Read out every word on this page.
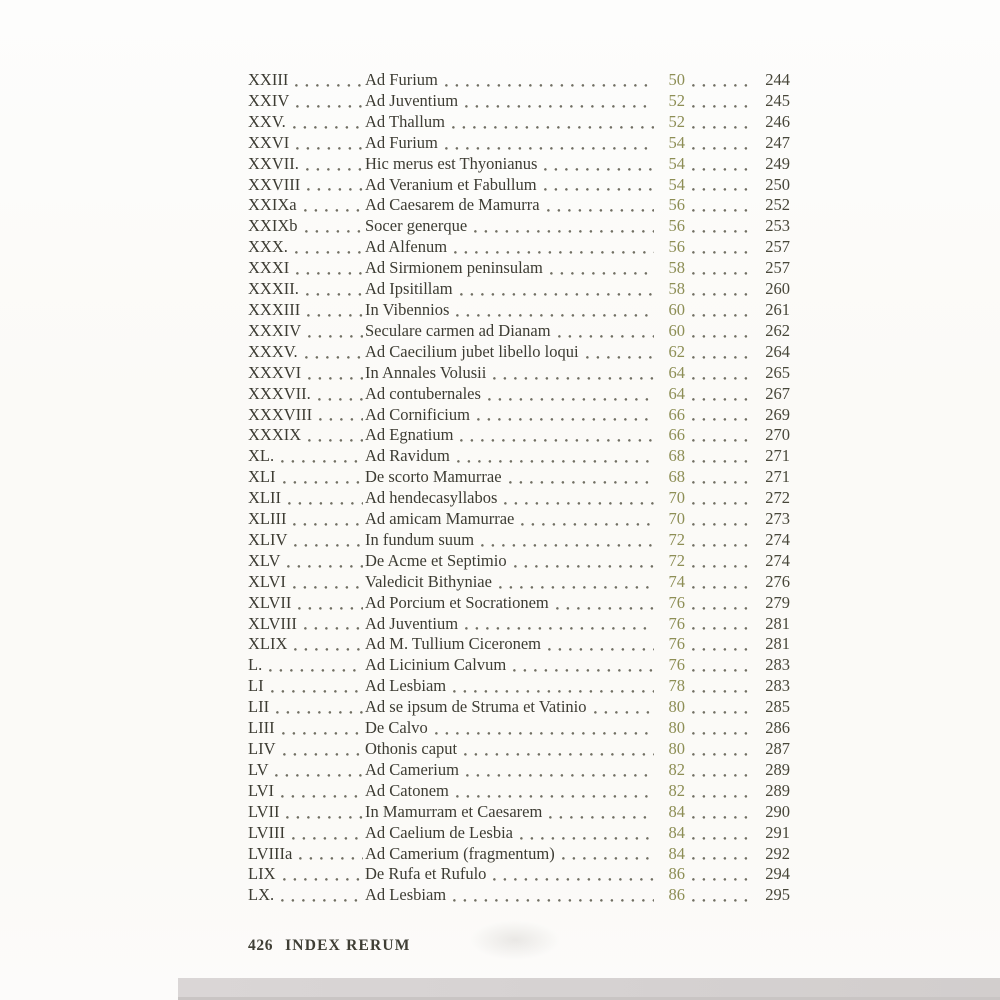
XXIII	Ad Furium	50	244
XXIV	Ad Juventium	52	245
XXV.	Ad Thallum	52	246
XXVI	Ad Furium	54	247
XXVII.	Hic merus est Thyonianus	54	249
XXVIII	Ad Veranium et Fabullum	54	250
XXIXa	Ad Caesarem de Mamurra	56	252
XXIXb	Socer generque	56	253
XXX.	Ad Alfenum	56	257
XXXI	Ad Sirmionem peninsulam	58	257
XXXII.	Ad Ipsitillam	58	260
XXXIII	In Vibennios	60	261
XXXIV	Seculare carmen ad Dianam	60	262
XXXV.	Ad Caecilium jubet libello loqui	62	264
XXXVI	In Annales Volusii	64	265
XXXVII.	Ad contubernales	64	267
XXXVIII	Ad Cornificium	66	269
XXXIX	Ad Egnatium	66	270
XL.	Ad Ravidum	68	271
XLI	De scorto Mamurrae	68	271
XLII	Ad hendecasyllabos	70	272
XLIII	Ad amicam Mamurrae	70	273
XLIV	In fundum suum	72	274
XLV	De Acme et Septimio	72	274
XLVI	Valedicit Bithyniae	74	276
XLVII	Ad Porcium et Socrationem	76	279
XLVIII	Ad Juventium	76	281
XLIX	Ad M. Tullium Ciceronem	76	281
L.	Ad Licinium Calvum	76	283
LI	Ad Lesbiam	78	283
LII	Ad se ipsum de Struma et Vatinio	80	285
LIII	De Calvo	80	286
LIV	Othonis caput	80	287
LV	Ad Camerium	82	289
LVI	Ad Catonem	82	289
LVII	In Mamurram et Caesarem	84	290
LVIII	Ad Caelium de Lesbia	84	291
LVIIIa	Ad Camerium (fragmentum)	84	292
LIX	De Rufa et Rufulo	86	294
LX.	Ad Lesbiam	86	295
426 INDEX RERUM
